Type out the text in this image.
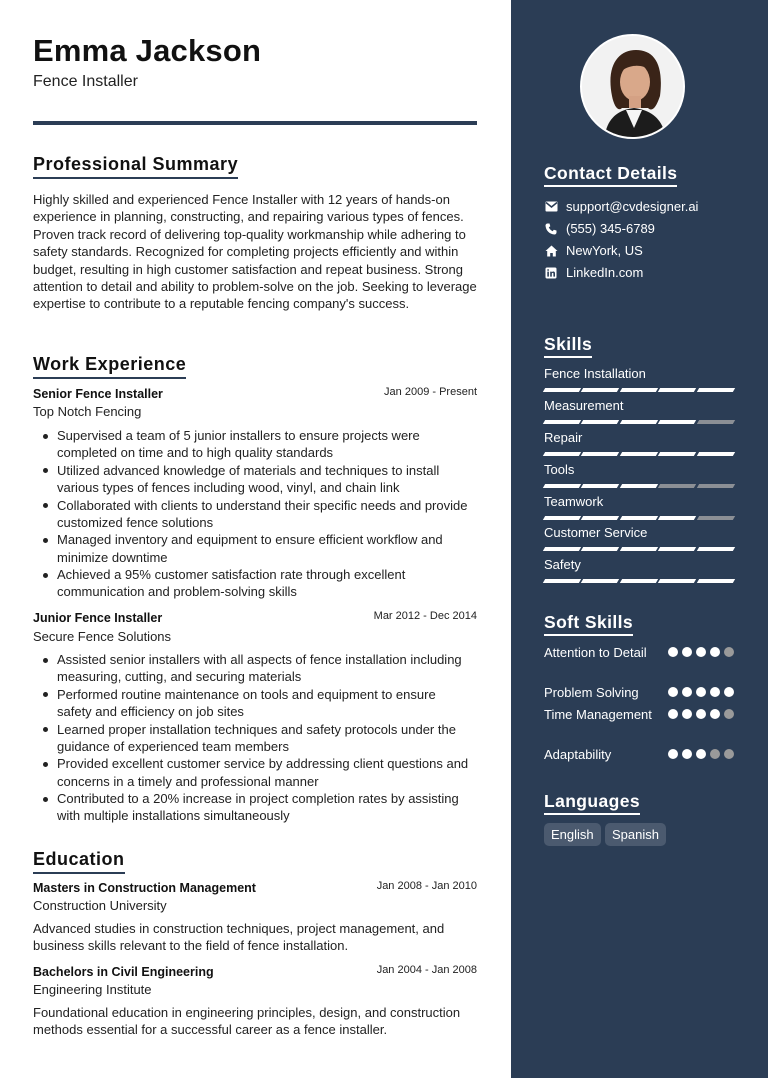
Emma Jackson
Fence Installer
Professional Summary
Highly skilled and experienced Fence Installer with 12 years of hands-on experience in planning, constructing, and repairing various types of fences. Proven track record of delivering top-quality workmanship while adhering to safety standards. Recognized for completing projects efficiently and within budget, resulting in high customer satisfaction and repeat business. Strong attention to detail and ability to problem-solve on the job. Seeking to leverage expertise to contribute to a reputable fencing company's success.
Work Experience
Senior Fence Installer	Jan 2009 - Present
Top Notch Fencing
Supervised a team of 5 junior installers to ensure projects were completed on time and to high quality standards
Utilized advanced knowledge of materials and techniques to install various types of fences including wood, vinyl, and chain link
Collaborated with clients to understand their specific needs and provide customized fence solutions
Managed inventory and equipment to ensure efficient workflow and minimize downtime
Achieved a 95% customer satisfaction rate through excellent communication and problem-solving skills
Junior Fence Installer	Mar 2012 - Dec 2014
Secure Fence Solutions
Assisted senior installers with all aspects of fence installation including measuring, cutting, and securing materials
Performed routine maintenance on tools and equipment to ensure safety and efficiency on job sites
Learned proper installation techniques and safety protocols under the guidance of experienced team members
Provided excellent customer service by addressing client questions and concerns in a timely and professional manner
Contributed to a 20% increase in project completion rates by assisting with multiple installations simultaneously
Education
Masters in Construction Management	Jan 2008 - Jan 2010
Construction University
Advanced studies in construction techniques, project management, and business skills relevant to the field of fence installation.
Bachelors in Civil Engineering	Jan 2004 - Jan 2008
Engineering Institute
Foundational education in engineering principles, design, and construction methods essential for a successful career as a fence installer.
Contact Details
support@cvdesigner.ai
(555) 345-6789
NewYork, US
LinkedIn.com
Skills
Fence Installation
Measurement
Repair
Tools
Teamwork
Customer Service
Safety
Soft Skills
Attention to Detail
Problem Solving
Time Management
Adaptability
Languages
English	Spanish
